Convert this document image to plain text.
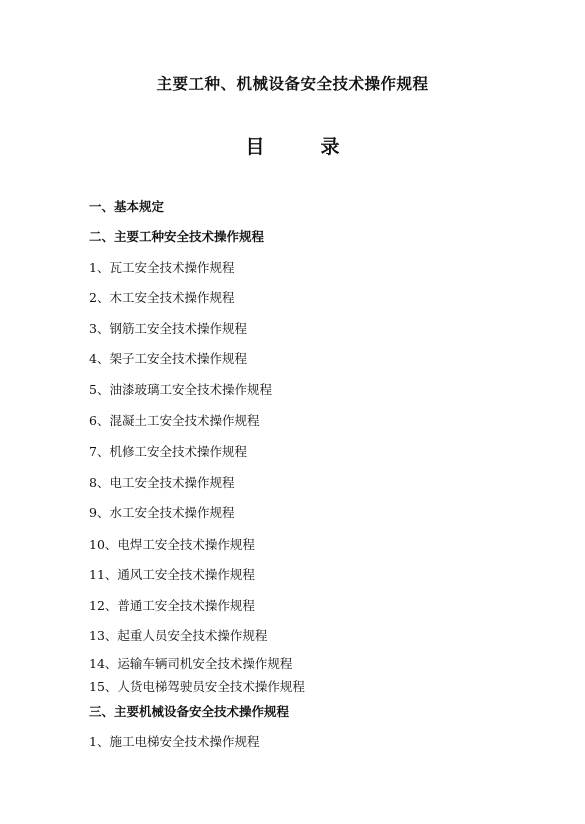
主要工种、机械设备安全技术操作规程
目	录
一、基本规定
二、主要工种安全技术操作规程
1、瓦工安全技术操作规程
2、木工安全技术操作规程
3、钢筋工安全技术操作规程
4、架子工安全技术操作规程
5、油漆玻璃工安全技术操作规程
6、混凝土工安全技术操作规程
7、机修工安全技术操作规程
8、电工安全技术操作规程
9、水工安全技术操作规程
10、电焊工安全技术操作规程
11、通风工安全技术操作规程
12、普通工安全技术操作规程
13、起重人员安全技术操作规程
14、运输车辆司机安全技术操作规程
15、人货电梯驾驶员安全技术操作规程
三、主要机械设备安全技术操作规程
1、施工电梯安全技术操作规程
